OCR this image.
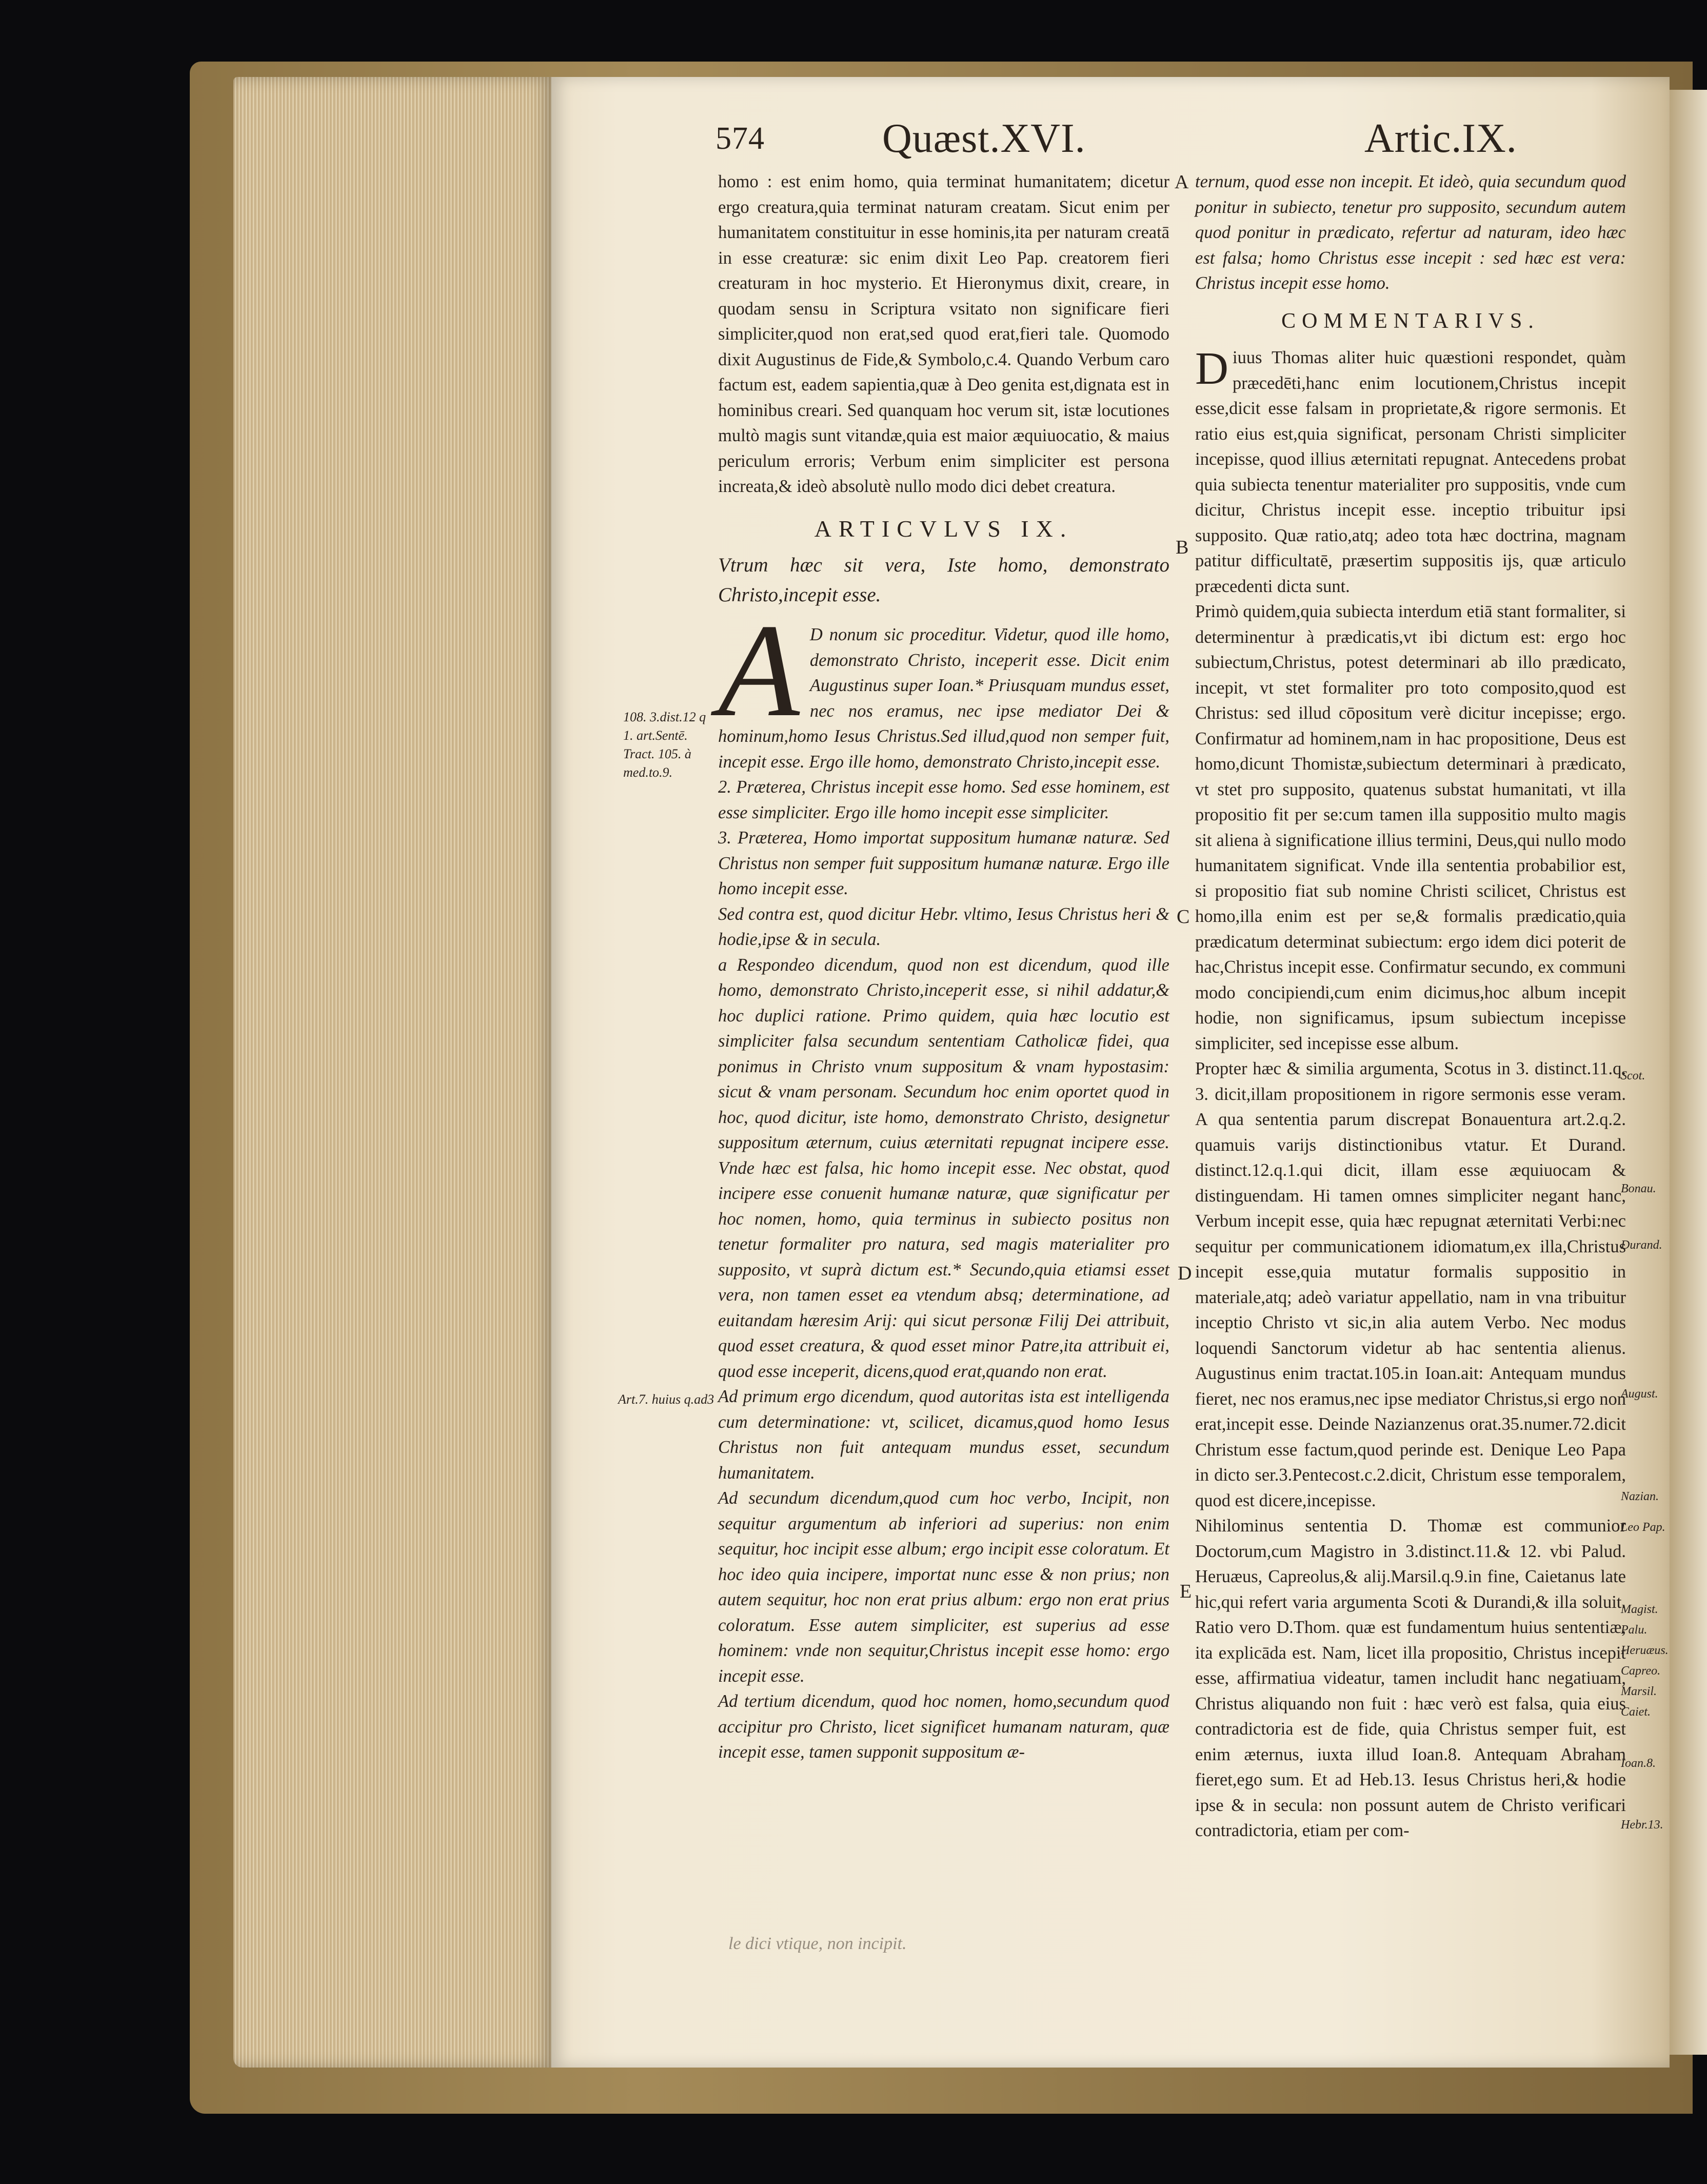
574	Quæst.XVI.	Artic.IX.
A
B
C
D
E
108. 3.dist.12 q 1. art.Sentē. Tract. 105. à med.to.9.
Art.7. huius q.ad3
Scot.
Bonau.
Durand.
August.
Nazian.
Leo Pap.
Magist.
Palu.
Heruæus.
Capreo.
Marsil.
Caiet.
Ioan.8.
Hebr.13.

homo : est enim homo, quia terminat humanitatem; dicetur ergo creatura,quia terminat naturam creatam. Sicut enim per humanitatem constituitur in esse hominis,ita per naturam creatā in esse creaturæ: sic enim dixit Leo Pap. creatorem fieri creaturam in hoc mysterio. Et Hieronymus dixit, creare, in quodam sensu in Scriptura vsitato non significare fieri simpliciter,quod non erat,sed quod erat,fieri tale. Quomodo dixit Augustinus de Fide,& Symbolo,c.4. Quando Verbum caro factum est, eadem sapientia,quæ à Deo genita est,dignata est in hominibus creari. Sed quanquam hoc verum sit, istæ locutiones multò magis sunt vitandæ,quia est maior æquiuocatio, & maius periculum erroris; Verbum enim simpliciter est persona increata,& ideò absolutè nullo modo dici debet creatura.

ARTICVLVS IX.
Vtrum hæc sit vera, Iste homo, demonstrato Christo,incepit esse.
A D nonum sic proceditur. Videtur, quod ille homo, demonstrato Christo, inceperit esse. Dicit enim Augustinus super Ioan.* Priusquam mundus esset, nec nos eramus, nec ipse mediator Dei & hominum,homo Iesus Christus.Sed illud,quod non semper fuit, incepit esse. Ergo ille homo, demonstrato Christo,incepit esse.

2. Præterea, Christus incepit esse homo. Sed esse hominem, est esse simpliciter. Ergo ille homo incepit esse simpliciter.

3. Præterea, Homo importat suppositum humanæ naturæ. Sed Christus non semper fuit suppositum humanæ naturæ. Ergo ille homo incepit esse.

Sed contra est, quod dicitur Hebr. vltimo, Iesus Christus heri & hodie,ipse & in secula.

a Respondeo dicendum, quod non est dicendum, quod ille homo, demonstrato Christo,inceperit esse, si nihil addatur,& hoc duplici ratione. Primo quidem, quia hæc locutio est simpliciter falsa secundum sententiam Catholicæ fidei, qua ponimus in Christo vnum suppositum & vnam hypostasim: sicut & vnam personam. Secundum hoc enim oportet quod in hoc, quod dicitur, iste homo, demonstrato Christo, designetur suppositum æternum, cuius æternitati repugnat incipere esse. Vnde hæc est falsa, hic homo incepit esse. Nec obstat, quod incipere esse conuenit humanæ naturæ, quæ significatur per hoc nomen, homo, quia terminus in subiecto positus non tenetur formaliter pro natura, sed magis materialiter pro supposito, vt suprà dictum est.* Secundo,quia etiamsi esset vera, non tamen esset ea vtendum absq; determinatione, ad euitandam hæresim Arij: qui sicut personæ Filij Dei attribuit, quod esset creatura, & quod esset minor Patre,ita attribuit ei, quod esse inceperit, dicens,quod erat,quando non erat.

Ad primum ergo dicendum, quod autoritas ista est intelligenda cum determinatione: vt, scilicet, dicamus,quod homo Iesus Christus non fuit antequam mundus esset, secundum humanitatem.

Ad secundum dicendum,quod cum hoc verbo, Incipit, non sequitur argumentum ab inferiori ad superius: non enim sequitur, hoc incipit esse album; ergo incipit esse coloratum. Et hoc ideo quia incipere, importat nunc esse & non prius; non autem sequitur, hoc non erat prius album: ergo non erat prius coloratum. Esse autem simpliciter, est superius ad esse hominem: vnde non sequitur,Christus incepit esse homo: ergo incepit esse.

Ad tertium dicendum, quod hoc nomen, homo,secundum quod accipitur pro Christo, licet significet humanam naturam, quæ incepit esse, tamen supponit suppositum æ-

ternum, quod esse non incepit. Et ideò, quia secundum quod ponitur in subiecto, tenetur pro supposito, secundum autem quod ponitur in prædicato, refertur ad naturam, ideo hæc est falsa; homo Christus esse incepit : sed hæc est vera: Christus incepit esse homo.

COMMENTARIVS.
D iuus Thomas aliter huic quæstioni respondet, quàm præcedēti,hanc enim locutionem,Christus incepit esse,dicit esse falsam in proprietate,& rigore sermonis. Et ratio eius est,quia significat, personam Christi simpliciter incepisse, quod illius æternitati repugnat. Antecedens probat quia subiecta tenentur materialiter pro suppositis, vnde cum dicitur, Christus incepit esse. inceptio tribuitur ipsi supposito. Quæ ratio,atq; adeo tota hæc doctrina, magnam patitur difficultatē, præsertim suppositis ijs, quæ articulo præcedenti dicta sunt.

Primò quidem,quia subiecta interdum etiā stant formaliter, si determinentur à prædicatis,vt ibi dictum est: ergo hoc subiectum,Christus, potest determinari ab illo prædicato, incepit, vt stet formaliter pro toto composito,quod est Christus: sed illud cōpositum verè dicitur incepisse; ergo. Confirmatur ad hominem,nam in hac propositione, Deus est homo,dicunt Thomistæ,subiectum determinari à prædicato, vt stet pro supposito, quatenus substat humanitati, vt illa propositio fit per se:cum tamen illa suppositio multo magis sit aliena à significatione illius termini, Deus,qui nullo modo humanitatem significat. Vnde illa sententia probabilior est, si propositio fiat sub nomine Christi scilicet, Christus est homo,illa enim est per se,& formalis prædicatio,quia prædicatum determinat subiectum: ergo idem dici poterit de hac,Christus incepit esse. Confirmatur secundo, ex communi modo concipiendi,cum enim dicimus,hoc album incepit hodie, non significamus, ipsum subiectum incepisse simpliciter, sed incepisse esse album.

Propter hæc & similia argumenta, Scotus in 3. distinct.11.q. 3. dicit,illam propositionem in rigore sermonis esse veram. A qua sententia parum discrepat Bonauentura art.2.q.2. quamuis varijs distinctionibus vtatur. Et Durand. distinct.12.q.1.qui dicit, illam esse æquiuocam & distinguendam. Hi tamen omnes simpliciter negant hanc, Verbum incepit esse, quia hæc repugnat æternitati Verbi:nec sequitur per communicationem idiomatum,ex illa,Christus incepit esse,quia mutatur formalis suppositio in materiale,atq; adeò variatur appellatio, nam in vna tribuitur inceptio Christo vt sic,in alia autem Verbo. Nec modus loquendi Sanctorum videtur ab hac sententia alienus. Augustinus enim tractat.105.in Ioan.ait: Antequam mundus fieret, nec nos eramus,nec ipse mediator Christus,si ergo non erat,incepit esse. Deinde Nazianzenus orat.35.numer.72.dicit Christum esse factum,quod perinde est. Denique Leo Papa in dicto ser.3.Pentecost.c.2.dicit, Christum esse temporalem, quod est dicere,incepisse.

Nihilominus sententia D. Thomæ est communior Doctorum,cum Magistro in 3.distinct.11.& 12. vbi Palud. Heruæus, Capreolus,& alij.Marsil.q.9.in fine, Caietanus late hic,qui refert varia argumenta Scoti & Durandi,& illa soluit. Ratio vero D.Thom. quæ est fundamentum huius sententiæ, ita explicāda est. Nam, licet illa propositio, Christus incepit esse, affirmatiua videatur, tamen includit hanc negatiuam, Christus aliquando non fuit : hæc verò est falsa, quia eius contradictoria est de fide, quia Christus semper fuit, est enim æternus, iuxta illud Ioan.8. Antequam Abraham fieret,ego sum. Et ad Heb.13. Iesus Christus heri,& hodie ipse & in secula: non possunt autem de Christo verificari contradictoria, etiam per com-

le dici vtique, non incipit.
